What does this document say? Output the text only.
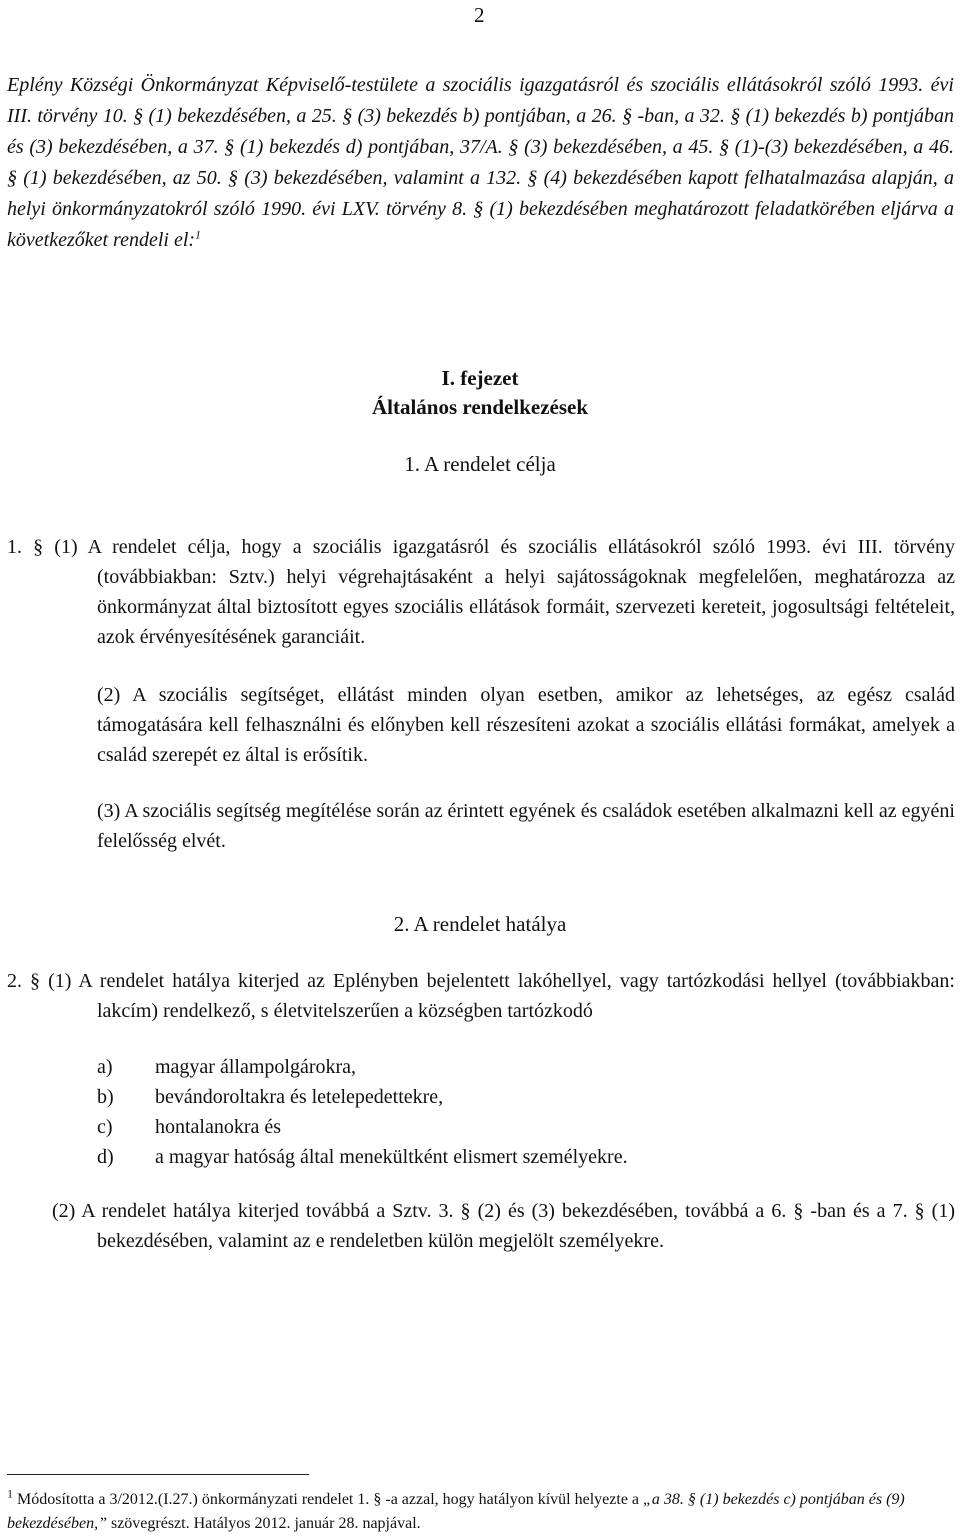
2
Eplény Községi Önkormányzat Képviselő-testülete a szociális igazgatásról és szociális ellátásokról szóló 1993. évi III. törvény 10. § (1) bekezdésében, a 25. § (3) bekezdés b) pontjában, a 26. § -ban, a 32. § (1) bekezdés b) pontjában és (3) bekezdésében, a 37. § (1) bekezdés d) pontjában, 37/A. § (3) bekezdésében, a 45. § (1)-(3) bekezdésében, a 46. § (1) bekezdésében, az 50. § (3) bekezdésében, valamint a 132. § (4) bekezdésében kapott felhatalmazása alapján, a helyi önkormányzatokról szóló 1990. évi LXV. törvény 8. § (1) bekezdésében meghatározott feladatkörében eljárva a következőket rendeli el:$^1$
I. fejezet
Általános rendelkezések
1. A rendelet célja
1. § (1) A rendelet célja, hogy a szociális igazgatásról és szociális ellátásokról szóló 1993. évi III. törvény (továbbiakban: Sztv.) helyi végrehajtásaként a helyi sajátosságoknak megfelelően, meghatározza az önkormányzat által biztosított egyes szociális ellátások formáit, szervezeti kereteit, jogosultsági feltételeit, azok érvényesítésének garanciáit.
(2) A szociális segítséget, ellátást minden olyan esetben, amikor az lehetséges, az egész család támogatására kell felhasználni és előnyben kell részesíteni azokat a szociális ellátási formákat, amelyek a család szerepét ez által is erősítik.
(3) A szociális segítség megítélése során az érintett egyének és családok esetében alkalmazni kell az egyéni felelősség elvét.
2. A rendelet hatálya
2. § (1) A rendelet hatálya kiterjed az Eplényben bejelentett lakóhellyel, vagy tartózkodási hellyel (továbbiakban: lakcím) rendelkező, s életvitelszerűen a községben tartózkodó
a)	magyar állampolgárokra,
b)	bevándoroltakra és letelepedettekre,
c)	hontalanokra és
d)	a magyar hatóság által menekültként elismert személyekre.
(2) A rendelet hatálya kiterjed továbbá a Sztv. 3. § (2) és (3) bekezdésében, továbbá a 6. § -ban és a 7. § (1) bekezdésében, valamint az e rendeletben külön megjelölt személyekre.
$^1$ Módosította a 3/2012.(I.27.) önkormányzati rendelet 1. § -a azzal, hogy hatályon kívül helyezte a „a 38. § (1) bekezdés c) pontjában és (9) bekezdésében,” szövegrészt. Hatályos 2012. január 28. napjával.
